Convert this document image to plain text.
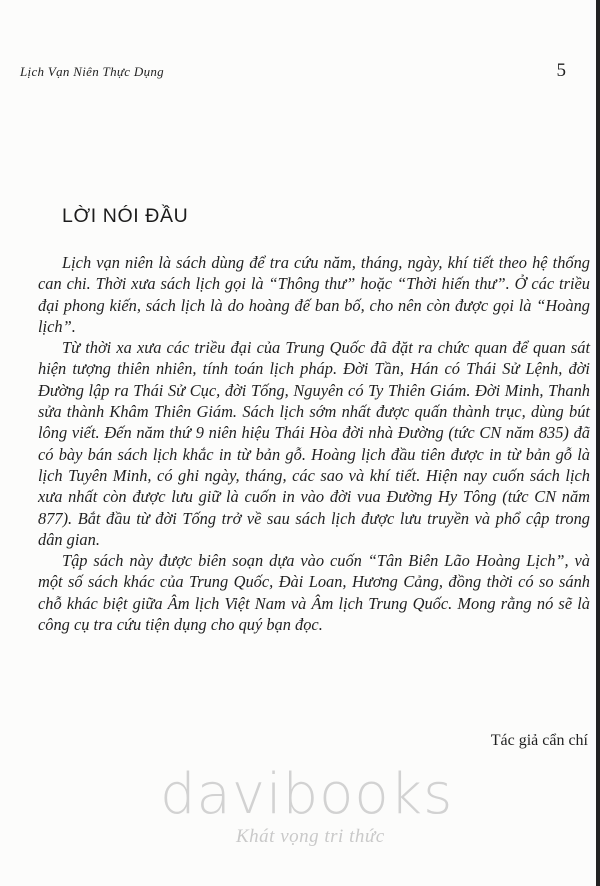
Lịch Vạn Niên Thực Dụng	5
LỜI NÓI ĐẦU

Lịch vạn niên là sách dùng để tra cứu năm, tháng, ngày, khí tiết theo hệ thống can chi. Thời xưa sách lịch gọi là “Thông thư” hoặc “Thời hiến thư”. Ở các triều đại phong kiến, sách lịch là do hoàng đế ban bố, cho nên còn được gọi là “Hoàng lịch”.

Từ thời xa xưa các triều đại của Trung Quốc đã đặt ra chức quan để quan sát hiện tượng thiên nhiên, tính toán lịch pháp. Đời Tần, Hán có Thái Sử Lệnh, đời Đường lập ra Thái Sử Cục, đời Tống, Nguyên có Ty Thiên Giám. Đời Minh, Thanh sửa thành Khâm Thiên Giám. Sách lịch sớm nhất được quấn thành trục, dùng bút lông viết. Đến năm thứ 9 niên hiệu Thái Hòa đời nhà Đường (tức CN năm 835) đã có bày bán sách lịch khắc in từ bản gỗ. Hoàng lịch đầu tiên được in từ bản gỗ là lịch Tuyên Minh, có ghi ngày, tháng, các sao và khí tiết. Hiện nay cuốn sách lịch xưa nhất còn được lưu giữ là cuốn in vào đời vua Đường Hy Tông (tức CN năm 877). Bắt đầu từ đời Tống trở về sau sách lịch được lưu truyền và phổ cập trong dân gian.

Tập sách này được biên soạn dựa vào cuốn “Tân Biên Lão Hoàng Lịch”, và một số sách khác của Trung Quốc, Đài Loan, Hương Cảng, đồng thời có so sánh chỗ khác biệt giữa Âm lịch Việt Nam và Âm lịch Trung Quốc. Mong rằng nó sẽ là công cụ tra cứu tiện dụng cho quý bạn đọc.

Tác giả cẩn chí
davibooks
Khát vọng tri thức
